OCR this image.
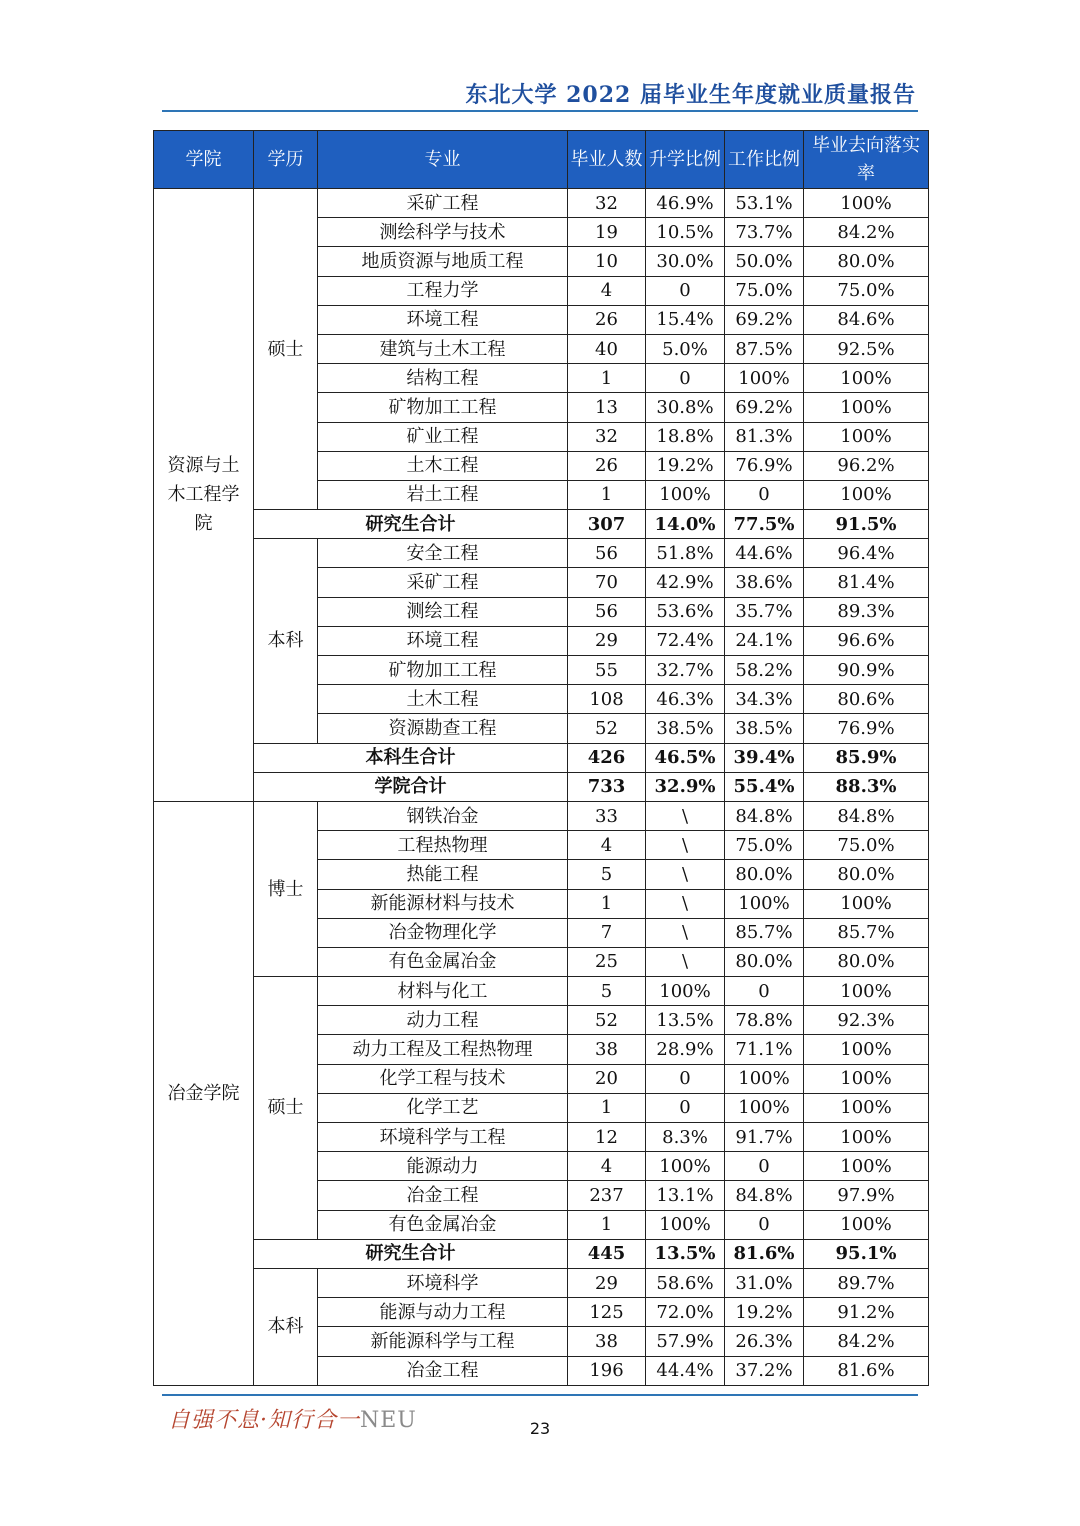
东北大学 2022 届毕业生年度就业质量报告
学院	学历	专业	毕业人数	升学比例	工作比例	毕业去向落实率
资源与土木工程学院	硕士	采矿工程	32	46.9%	53.1%	100%
		测绘科学与技术	19	10.5%	73.7%	84.2%
		地质资源与地质工程	10	30.0%	50.0%	80.0%
		工程力学	4	0	75.0%	75.0%
		环境工程	26	15.4%	69.2%	84.6%
		建筑与土木工程	40	5.0%	87.5%	92.5%
		结构工程	1	0	100%	100%
		矿物加工工程	13	30.8%	69.2%	100%
		矿业工程	32	18.8%	81.3%	100%
		土木工程	26	19.2%	76.9%	96.2%
		岩土工程	1	100%	0	100%
	研究生合计		307	14.0%	77.5%	91.5%
	本科	安全工程	56	51.8%	44.6%	96.4%
		采矿工程	70	42.9%	38.6%	81.4%
		测绘工程	56	53.6%	35.7%	89.3%
		环境工程	29	72.4%	24.1%	96.6%
		矿物加工工程	55	32.7%	58.2%	90.9%
		土木工程	108	46.3%	34.3%	80.6%
		资源勘查工程	52	38.5%	38.5%	76.9%
	本科生合计		426	46.5%	39.4%	85.9%
	学院合计		733	32.9%	55.4%	88.3%
冶金学院	博士	钢铁冶金	33	\	84.8%	84.8%
		工程热物理	4	\	75.0%	75.0%
		热能工程	5	\	80.0%	80.0%
		新能源材料与技术	1	\	100%	100%
		冶金物理化学	7	\	85.7%	85.7%
		有色金属冶金	25	\	80.0%	80.0%
	硕士	材料与化工	5	100%	0	100%
		动力工程	52	13.5%	78.8%	92.3%
		动力工程及工程热物理	38	28.9%	71.1%	100%
		化学工程与技术	20	0	100%	100%
		化学工艺	1	0	100%	100%
		环境科学与工程	12	8.3%	91.7%	100%
		能源动力	4	100%	0	100%
		冶金工程	237	13.1%	84.8%	97.9%
		有色金属冶金	1	100%	0	100%
	研究生合计		445	13.5%	81.6%	95.1%
	本科	环境科学	29	58.6%	31.0%	89.7%
		能源与动力工程	125	72.0%	19.2%	91.2%
		新能源科学与工程	38	57.9%	26.3%	84.2%
		冶金工程	196	44.4%	37.2%	81.6%
自强不息·知行合一NEU	23
